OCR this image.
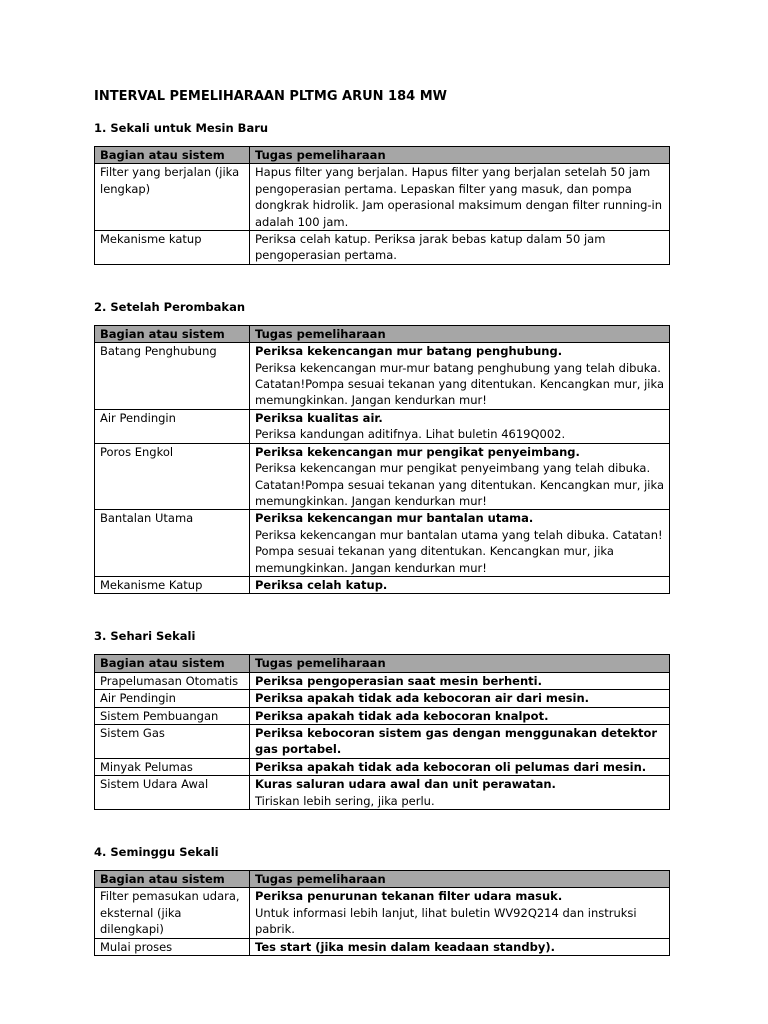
INTERVAL PEMELIHARAAN PLTMG ARUN 184 MW
1. Sekali untuk Mesin Baru
Bagian atau sistem	Tugas pemeliharaan
Filter yang berjalan (jika lengkap)	Hapus filter yang berjalan. Hapus filter yang berjalan setelah 50 jam pengoperasian pertama. Lepaskan filter yang masuk, dan pompa dongkrak hidrolik. Jam operasional maksimum dengan filter running-in adalah 100 jam.

Mekanisme katup	Periksa celah katup. Periksa jarak bebas katup dalam 50 jam pengoperasian pertama.
2. Setelah Perombakan
Bagian atau sistem	Tugas pemeliharaan
Batang Penghubung	Periksa kekencangan mur batang penghubung.
Periksa kekencangan mur-mur batang penghubung yang telah dibuka. Catatan!Pompa sesuai tekanan yang ditentukan. Kencangkan mur, jika memungkinkan. Jangan kendurkan mur!

Air Pendingin	Periksa kualitas air.
Periksa kandungan aditifnya. Lihat buletin 4619Q002.

Poros Engkol	Periksa kekencangan mur pengikat penyeimbang.
Periksa kekencangan mur pengikat penyeimbang yang telah dibuka. Catatan!Pompa sesuai tekanan yang ditentukan. Kencangkan mur, jika memungkinkan. Jangan kendurkan mur!

Bantalan Utama	Periksa kekencangan mur bantalan utama.
Periksa kekencangan mur bantalan utama yang telah dibuka. Catatan! Pompa sesuai tekanan yang ditentukan. Kencangkan mur, jika memungkinkan. Jangan kendurkan mur!

Mekanisme Katup	Periksa celah katup.
3. Sehari Sekali
Bagian atau sistem	Tugas pemeliharaan
Prapelumasan Otomatis	Periksa pengoperasian saat mesin berhenti.

Air Pendingin	Periksa apakah tidak ada kebocoran air dari mesin.

Sistem Pembuangan	Periksa apakah tidak ada kebocoran knalpot.

Sistem Gas	Periksa kebocoran sistem gas dengan menggunakan detektor gas portabel.

Minyak Pelumas	Periksa apakah tidak ada kebocoran oli pelumas dari mesin.

Sistem Udara Awal	Kuras saluran udara awal dan unit perawatan.
Tiriskan lebih sering, jika perlu.
4. Seminggu Sekali
Bagian atau sistem	Tugas pemeliharaan
Filter pemasukan udara, eksternal (jika dilengkapi)	Periksa penurunan tekanan filter udara masuk.
Untuk informasi lebih lanjut, lihat buletin WV92Q214 dan instruksi pabrik.

Mulai proses	Tes start (jika mesin dalam keadaan standby).
